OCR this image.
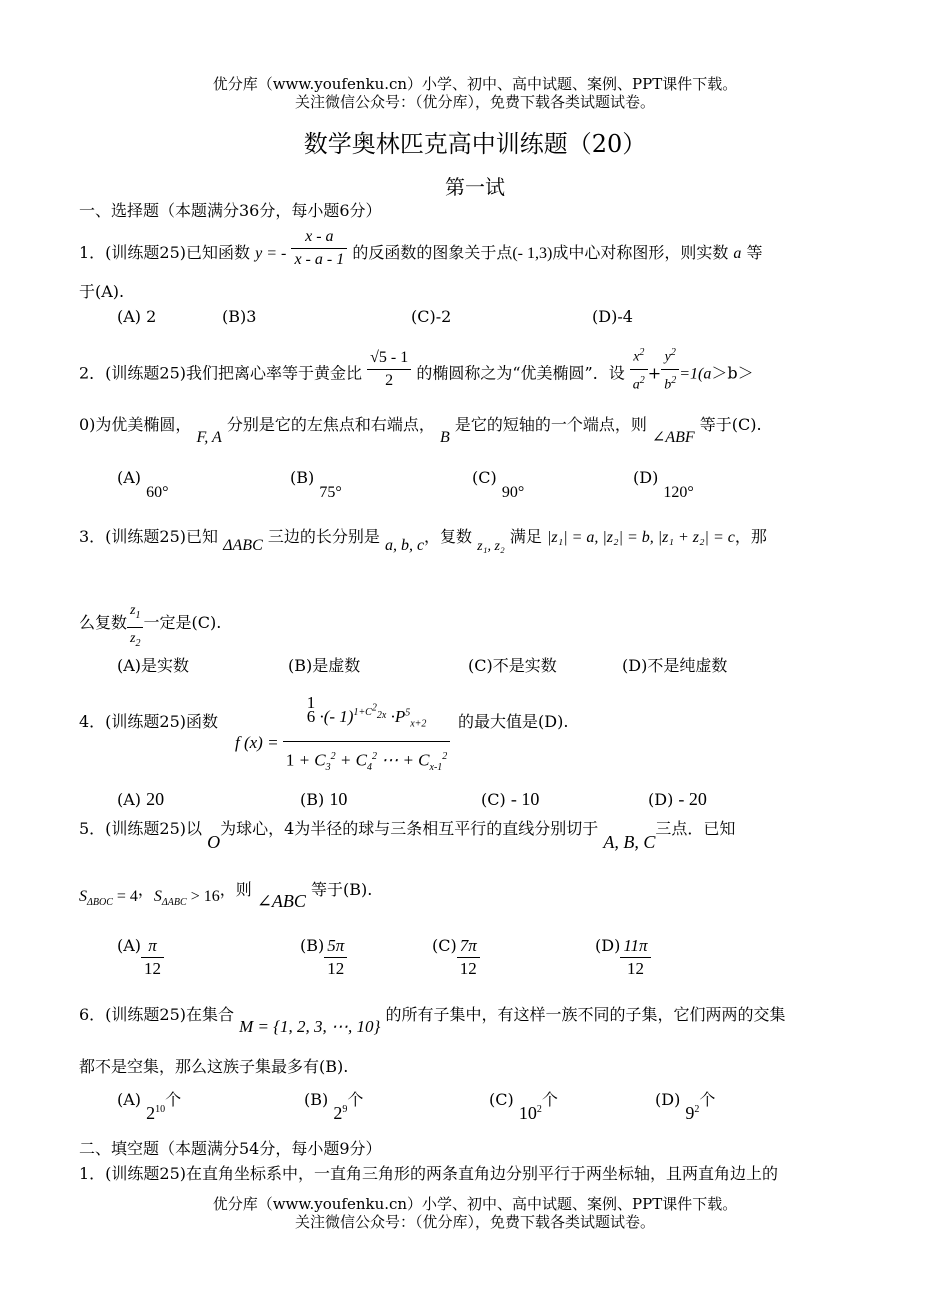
优分库（www.youfenku.cn）小学、初中、高中试题、案例、PPT课件下载。
关注微信公众号：（优分库），免费下载各类试题试卷。
数学奥林匹克高中训练题（20）
第一试
一、选择题（本题满分36分，每小题6分）
1．(训练题25)已知函数 y = - $\frac{x - a}{x - a - 1}$ 的反函数的图象关于点(- 1,3)成中心对称图形，则实数 a 等
于(A).
(A) 2	(B)3	(C)-2	(D)-4
2．(训练题25)我们把离心率等于黄金比 $\frac{√5 - 1}{2}$ 的椭圆称之为“优美椭圆”．设 $\frac{x^2}{a^2} + \frac{y^2}{b^2} =1(a>b>$
0)为优美椭圆， F, A 分别是它的左焦点和右端点， B 是它的短轴的一个端点，则 ∠ABF 等于(C).
(A) 60°
(B) 75°
(C) 90°
(D) 120°
3．(训练题25)已知 ΔABC 三边的长分别是 a, b, c，复数 z₁, z₂ 满足 |z₁| = a, |z₂| = b, |z₁ + z₂| = c，那
么复数 $\frac{z_1}{z_2}$ 一定是(C).
(A)是实数	(B)是虚数	(C)不是实数	(D)不是纯虚数
4．(训练题25)函数
f (x) =
1
6 ·(- $1)^{1+C^2_{2x}} \cdot P^5_{x+2}$
$1 + C_3^2 + C_4^2$ ⋯ + $C_{x-1}^2$
的最大值是(D).
(A) 20	(B) 10	(C) - 10	(D) - 20
5．(训练题25)以 O为球心，4为半径的球与三条相互平行的直线分别切于 A, B, C三点．已知
$S_{\Delta BOC} = 4$，$S_{\Delta ABC} > 16$，则 ∠ABC 等于(B).
$(A) \frac{\pi}{12}$	$(B) \frac{5\pi}{12}$	$(C) \frac{7\pi}{12}$	$(D) \frac{11\pi}{12}$
6．(训练题25)在集合 M = {1, 2, 3, ⋯, 10} 的所有子集中，有这样一族不同的子集，它们两两的交集
都不是空集，那么这族子集最多有(B).
(A) $2^{10}$个	(B) $2^9$个	(C) $10^2$个	(D) $9^2$个
二、填空题（本题满分54分，每小题9分）
1．(训练题25)在直角坐标系中，一直角三角形的两条直角边分别平行于两坐标轴，且两直角边上的
优分库（www.youfenku.cn）小学、初中、高中试题、案例、PPT课件下载。
关注微信公众号：（优分库），免费下载各类试题试卷。
